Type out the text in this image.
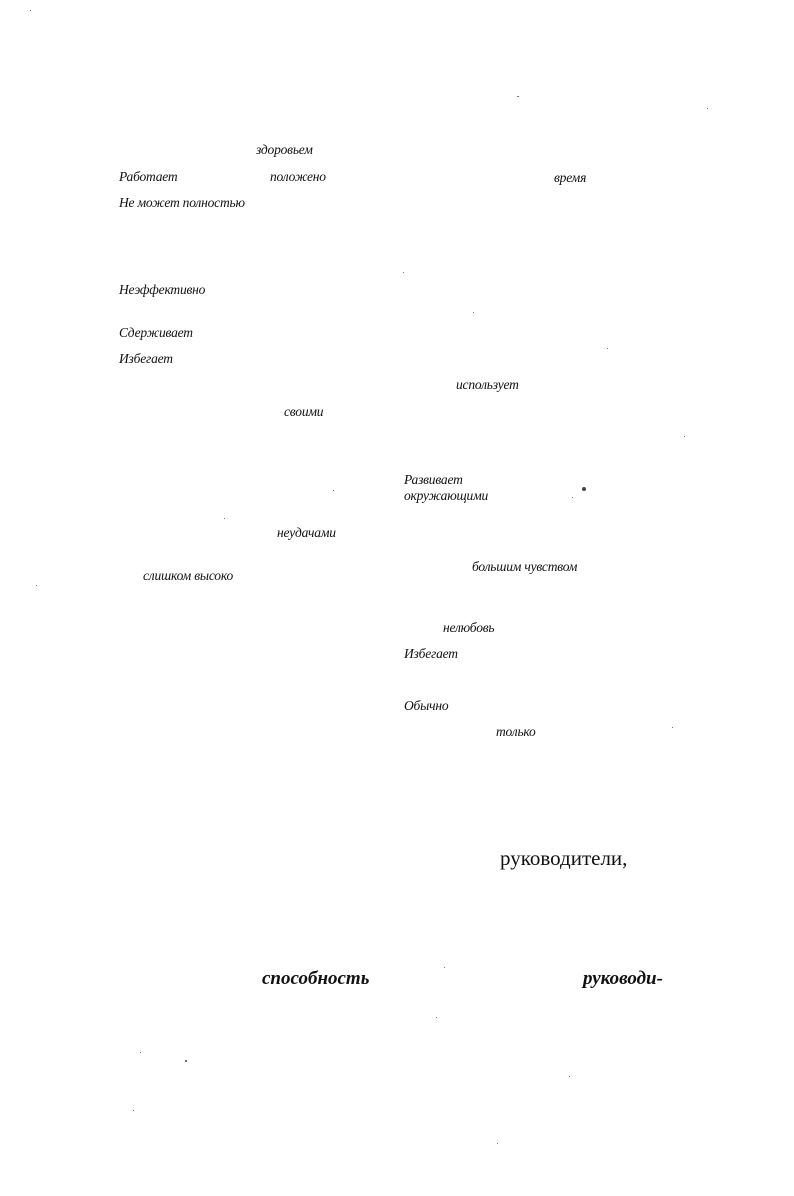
здоровьем
Работает	положено	время
Не может полностью
Неэффективно
Сдерживает
Избегает
использует
своими
Развивает
окружающими
неудачами
большим чувством
слишком высоко
нелюбовь
Избегает
Обычно
только
руководители,
способность	руководи-
